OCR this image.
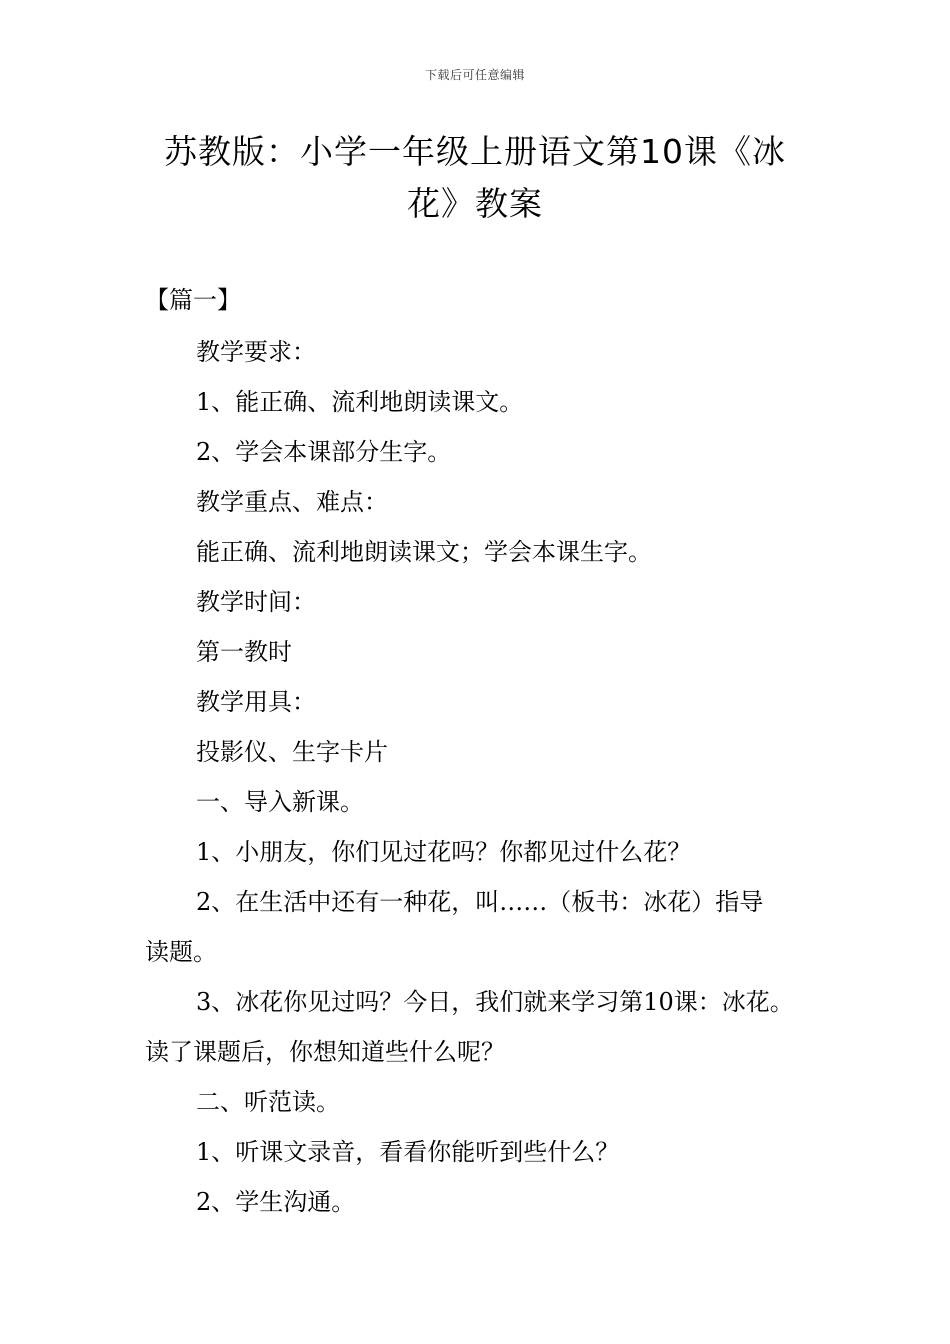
下载后可任意编辑
苏教版：小学一年级上册语文第10课《冰
花》教案
【篇一】
教学要求：
1、能正确、流利地朗读课文。
2、学会本课部分生字。
教学重点、难点：
能正确、流利地朗读课文；学会本课生字。
教学时间：
第一教时
教学用具：
投影仪、生字卡片
一、导入新课。
1、小朋友，你们见过花吗？你都见过什么花？
2、在生活中还有一种花，叫……（板书：冰花）指导
读题。
3、冰花你见过吗？今日，我们就来学习第10课：冰花。
读了课题后，你想知道些什么呢？
二、听范读。
1、听课文录音，看看你能听到些什么？
2、学生沟通。
